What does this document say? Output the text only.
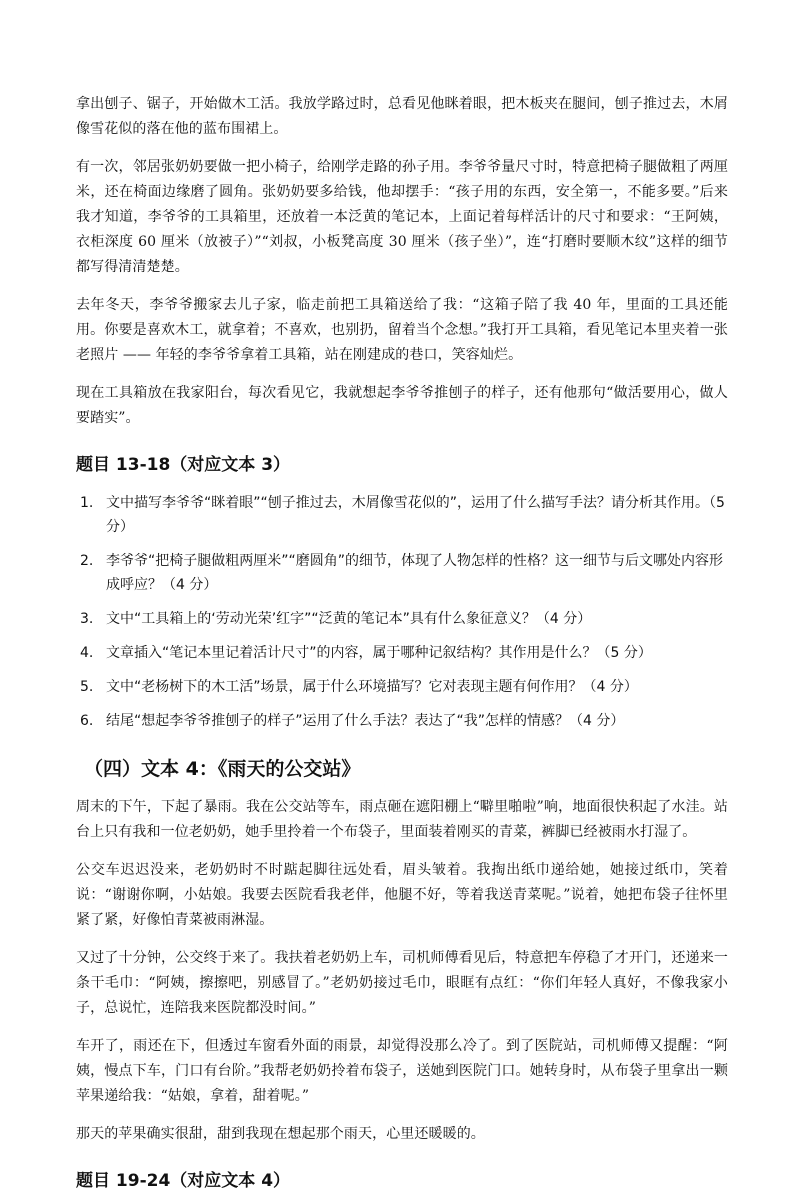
拿出刨子、锯子，开始做木工活。我放学路过时，总看见他眯着眼，把木板夹在腿间，刨子推过去，木屑像雪花似的落在他的蓝布围裙上。

有一次，邻居张奶奶要做一把小椅子，给刚学走路的孙子用。李爷爷量尺寸时，特意把椅子腿做粗了两厘米，还在椅面边缘磨了圆角。张奶奶要多给钱，他却摆手：“孩子用的东西，安全第一，不能多要。”后来我才知道，李爷爷的工具箱里，还放着一本泛黄的笔记本，上面记着每样活计的尺寸和要求：“王阿姨，衣柜深度 60 厘米（放被子）”“刘叔，小板凳高度 30 厘米（孩子坐）”，连“打磨时要顺木纹”这样的细节都写得清清楚楚。

去年冬天，李爷爷搬家去儿子家，临走前把工具箱送给了我：“这箱子陪了我 40 年，里面的工具还能用。你要是喜欢木工，就拿着；不喜欢，也别扔，留着当个念想。”我打开工具箱，看见笔记本里夹着一张老照片 —— 年轻的李爷爷拿着工具箱，站在刚建成的巷口，笑容灿烂。

现在工具箱放在我家阳台，每次看见它，我就想起李爷爷推刨子的样子，还有他那句“做活要用心，做人要踏实”。

题目 13-18（对应文本 3）
1. 文中描写李爷爷“眯着眼”“刨子推过去，木屑像雪花似的”，运用了什么描写手法？请分析其作用。（5 分）
2. 李爷爷“把椅子腿做粗两厘米”“磨圆角”的细节，体现了人物怎样的性格？这一细节与后文哪处内容形成呼应？（4 分）
3. 文中“工具箱上的‘劳动光荣’红字”“泛黄的笔记本”具有什么象征意义？（4 分）
4. 文章插入“笔记本里记着活计尺寸”的内容，属于哪种记叙结构？其作用是什么？（5 分）
5. 文中“老杨树下的木工活”场景，属于什么环境描写？它对表现主题有何作用？（4 分）
6. 结尾“想起李爷爷推刨子的样子”运用了什么手法？表达了“我”怎样的情感？（4 分）
（四）文本 4：《雨天的公交站》

周末的下午，下起了暴雨。我在公交站等车，雨点砸在遮阳棚上“噼里啪啦”响，地面很快积起了水洼。站台上只有我和一位老奶奶，她手里拎着一个布袋子，里面装着刚买的青菜，裤脚已经被雨水打湿了。

公交车迟迟没来，老奶奶时不时踮起脚往远处看，眉头皱着。我掏出纸巾递给她，她接过纸巾，笑着说：“谢谢你啊，小姑娘。我要去医院看我老伴，他腿不好，等着我送青菜呢。”说着，她把布袋子往怀里紧了紧，好像怕青菜被雨淋湿。

又过了十分钟，公交终于来了。我扶着老奶奶上车，司机师傅看见后，特意把车停稳了才开门，还递来一条干毛巾：“阿姨，擦擦吧，别感冒了。”老奶奶接过毛巾，眼眶有点红：“你们年轻人真好，不像我家小子，总说忙，连陪我来医院都没时间。”

车开了，雨还在下，但透过车窗看外面的雨景，却觉得没那么冷了。到了医院站，司机师傅又提醒：“阿姨，慢点下车，门口有台阶。”我帮老奶奶拎着布袋子，送她到医院门口。她转身时，从布袋子里拿出一颗苹果递给我：“姑娘，拿着，甜着呢。”

那天的苹果确实很甜，甜到我现在想起那个雨天，心里还暖暖的。

题目 19-24（对应文本 4）
